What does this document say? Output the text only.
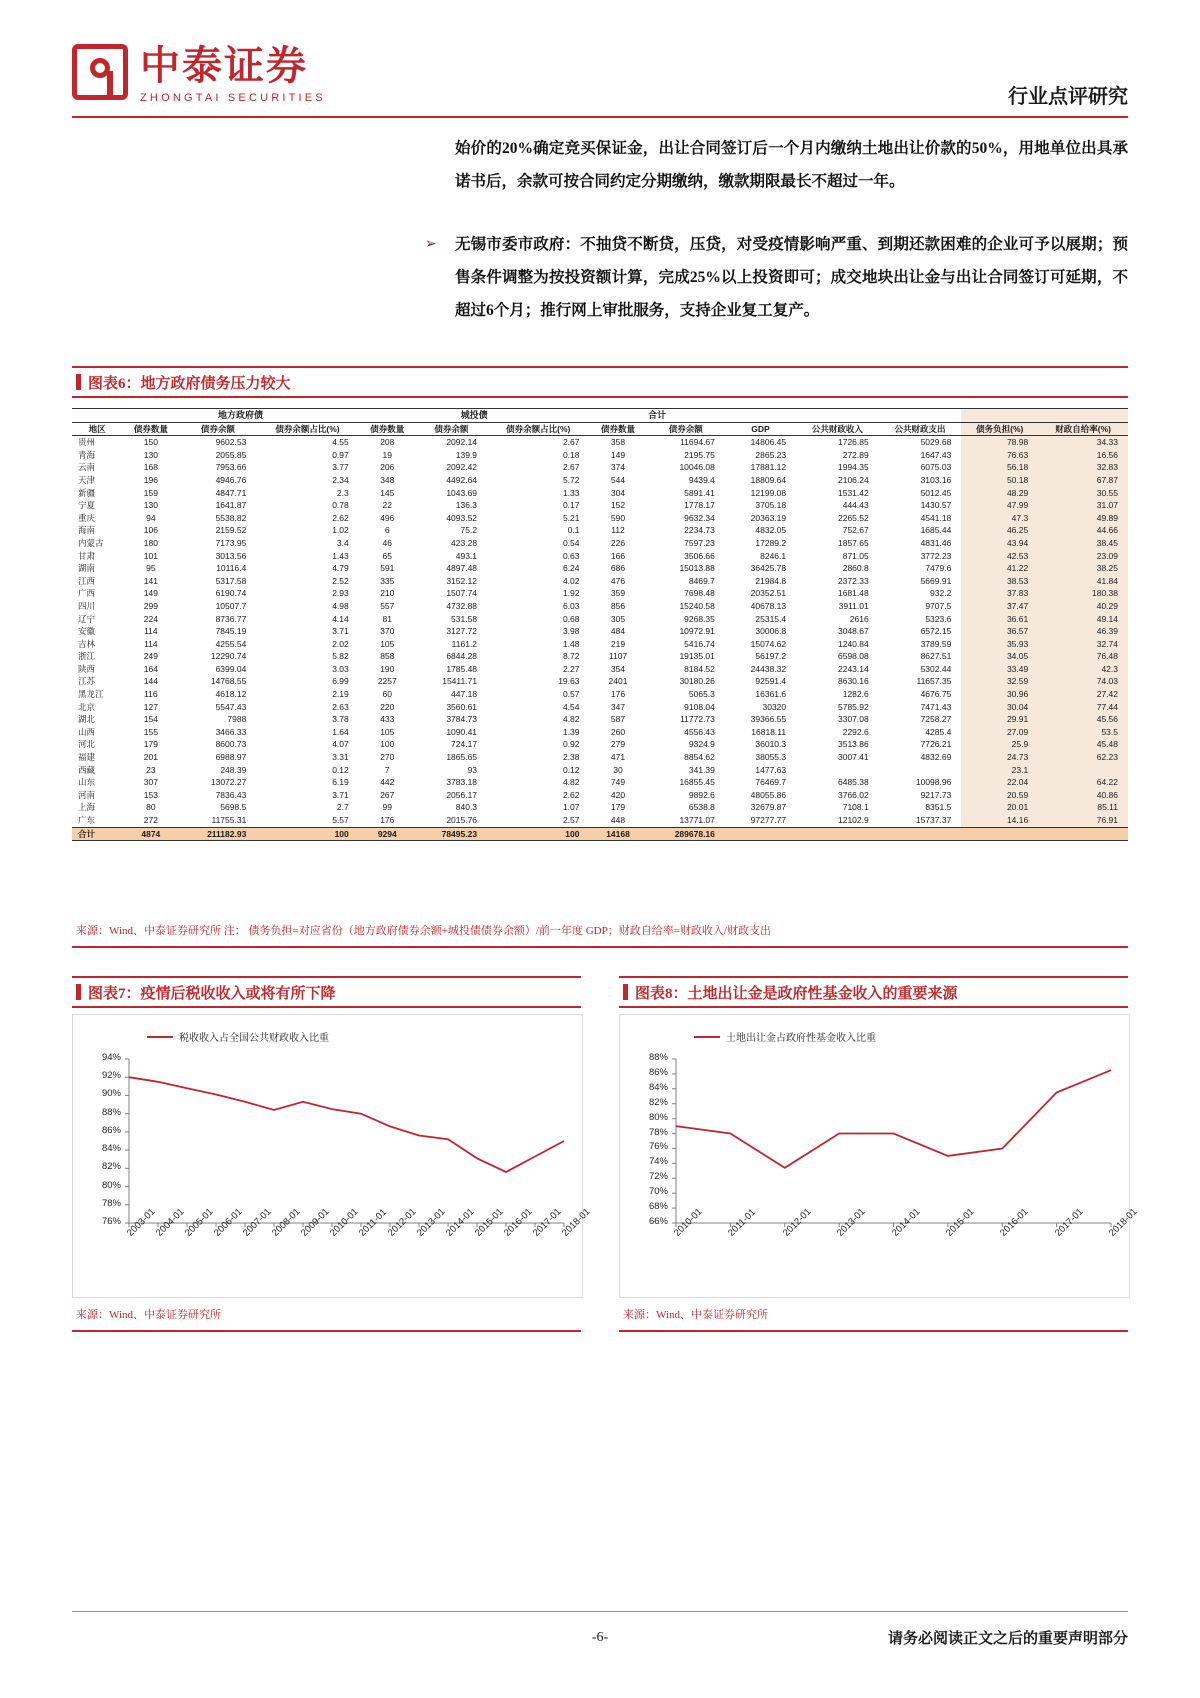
中泰证券
ZHONGTAI SECURITIES	行业点评研究
始价的20%确定竞买保证金，出让合同签订后一个月内缴纳土地出让价款的50%，用地单位出具承诺书后，余款可按合同约定分期缴纳，缴款期限最长不超过一年。
➢ 无锡市委市政府：不抽贷不断贷，压贷，对受疫情影响严重、到期还款困难的企业可予以展期；预售条件调整为按投资额计算，完成25%以上投资即可；成交地块出让金与出让合同签订可延期，不超过6个月；推行网上审批服务，支持企业复工复产。
图表6：地方政府债务压力较大
	地方政府债			城投债			合计						
地区	债券数量	债券余额	债券余额占比(%)	债券数量	债券余额	债券余额占比(%)	债券数量	债券余额	GDP	公共财政收入	公共财政支出	债务负担(%)	财政自给率(%)
贵州	150	9602.53	4.55	208	2092.14	2.67	358	11694.67	14806.45	1726.85	5029.68	78.98	34.33
青海	130	2055.85	0.97	19	139.9	0.18	149	2195.75	2865.23	272.89	1647.43	76.63	16.56
云南	168	7953.66	3.77	206	2092.42	2.67	374	10046.08	17881.12	1994.35	6075.03	56.18	32.83
天津	196	4946.76	2.34	348	4492.64	5.72	544	9439.4	18809.64	2106.24	3103.16	50.18	67.87
新疆	159	4847.71	2.3	145	1043.69	1.33	304	5891.41	12199.08	1531.42	5012.45	48.29	30.55
宁夏	130	1641.87	0.78	22	136.3	0.17	152	1778.17	3705.18	444.43	1430.57	47.99	31.07
重庆	94	5538.82	2.62	496	4093.52	5.21	590	9632.34	20363.19	2265.52	4541.18	47.3	49.89
海南	106	2159.52	1.02	6	75.2	0.1	112	2234.73	4832.05	752.67	1685.44	46.25	44.66
内蒙古	180	7173.95	3.4	46	423.28	0.54	226	7597.23	17289.2	1857.65	4831.46	43.94	38.45
甘肃	101	3013.56	1.43	65	493.1	0.63	166	3506.66	8246.1	871.05	3772.23	42.53	23.09
湖南	95	10116.4	4.79	591	4897.48	6.24	686	15013.88	36425.78	2860.8	7479.6	41.22	38.25
江西	141	5317.58	2.52	335	3152.12	4.02	476	8469.7	21984.8	2372.33	5669.91	38.53	41.84
广西	149	6190.74	2.93	210	1507.74	1.92	359	7698.48	20352.51	1681.48	932.2	37.83	180.38
四川	299	10507.7	4.98	557	4732.88	6.03	856	15240.58	40678.13	3911.01	9707.5	37.47	40.29
辽宁	224	8736.77	4.14	81	531.58	0.68	305	9268.35	25315.4	2616	5323.6	36.61	49.14
安徽	114	7845.19	3.71	370	3127.72	3.98	484	10972.91	30006.8	3048.67	6572.15	36.57	46.39
吉林	114	4255.54	2.02	105	1161.2	1.48	219	5416.74	15074.62	1240.84	3789.59	35.93	32.74
浙江	249	12290.74	5.82	858	6844.28	8.72	1107	19135.01	56197.2	6598.08	8627.51	34.05	76.48
陕西	164	6399.04	3.03	190	1785.48	2.27	354	8184.52	24438.32	2243.14	5302.44	33.49	42.3
江苏	144	14768.55	6.99	2257	15411.71	19.63	2401	30180.26	92591.4	8630.16	11657.35	32.59	74.03
黑龙江	116	4618.12	2.19	60	447.18	0.57	176	5065.3	16361.6	1282.6	4676.75	30.96	27.42
北京	127	5547.43	2.63	220	3560.61	4.54	347	9108.04	30320	5785.92	7471.43	30.04	77.44
湖北	154	7988	3.78	433	3784.73	4.82	587	11772.73	39366.55	3307.08	7258.27	29.91	45.56
山西	155	3466.33	1.64	105	1090.41	1.39	260	4556.43	16818.11	2292.6	4285.4	27.09	53.5
河北	179	8600.73	4.07	100	724.17	0.92	279	9324.9	36010.3	3513.86	7726.21	25.9	45.48
福建	201	6988.97	3.31	270	1865.65	2.38	471	8854.62	38055.3	3007.41	4832.69	24.73	62.23
西藏	23	248.39	0.12	7	93	0.12	30	341.39	1477.63			23.1	
山东	307	13072.27	6.19	442	3783.18	4.82	749	16855.45	76469.7	6485.38	10098.96	22.04	64.22
河南	153	7836.43	3.71	267	2056.17	2.62	420	9892.6	48055.86	3766.02	9217.73	20.59	40.86
上海	80	5698.5	2.7	99	840.3	1.07	179	6538.8	32679.87	7108.1	8351.5	20.01	85.11
广东	272	11755.31	5.57	176	2015.76	2.57	448	13771.07	97277.77	12102.9	15737.37	14.16	76.91
合计	4874	211182.93	100	9294	78495.23	100	14168	289678.16					
来源：Wind、中泰证券研究所 注： 债务负担=对应省份（地方政府债券余额+城投债债券余额）/前一年度 GDP；财政自给率=财政收入/财政支出
图表7：疫情后税收收入或将有所下降
76%
78%
80%
82%
84%
86%
88%
90%
92%
94%
2003-01
2004-01
2005-01
2006-01
2007-01
2008-01
2009-01
2010-01
2011-01
2012-01
2013-01
2014-01
2015-01
2016-01
2017-01
2018-01
税收收入占全国公共财政收入比重
来源：Wind、中泰证券研究所
图表8：土地出让金是政府性基金收入的重要来源
66%
68%
70%
72%
74%
76%
78%
80%
82%
84%
86%
88%
2010-01 2011-01 2012-01 2013-01 2014-01 2015-01 2016-01 2017-01 2018-01
土地出让金占政府性基金收入比重
来源：Wind、中泰证券研究所
-6-	请务必阅读正文之后的重要声明部分
